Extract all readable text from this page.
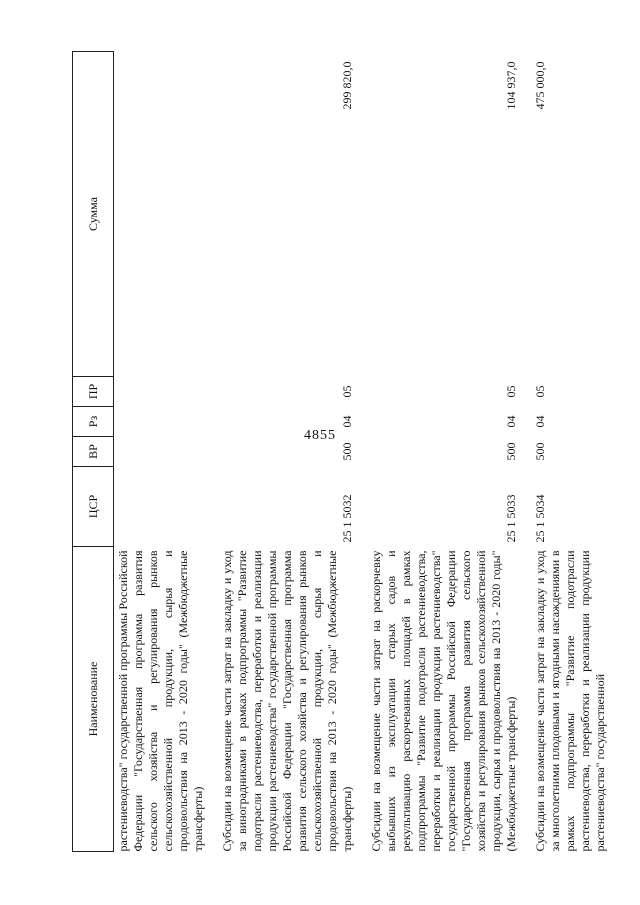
4855
Наименование	ЦСР	ВР	Рз	ПР	Сумма
растениеводства" государственной программы Российской Федерации "Государственная программа развития сельского хозяйства и регулирования рынков сельскохозяйственной продукции, сырья и продовольствия на 2013 - 2020 годы" (Межбюджетные трансферты)					
Субсидии на возмещение части затрат на закладку и уход за виноградниками в рамках подпрограммы "Развитие подотрасли растениеводства, переработки и реализации продукции растениеводства" государственной программы Российской Федерации "Государственная программа развития сельского хозяйства и регулирования рынков сельскохозяйственной продукции, сырья и продовольствия на 2013 - 2020 годы" (Межбюджетные трансферты)	25 1 5032	500	04	05	299 820,0
Субсидии на возмещение части затрат на раскорчевку выбывших из эксплуатации старых садов и рекультивацию раскорчеванных площадей в рамках подпрограммы "Развитие подотрасли растениеводства, переработки и реализации продукции растениеводства" государственной программы Российской Федерации "Государственная программа развития сельского хозяйства и регулирования рынков сельскохозяйственной продукции, сырья и продовольствия на 2013 - 2020 годы" (Межбюджетные трансферты)	25 1 5033	500	04	05	104 937,0
Субсидии на возмещение части затрат на закладку и уход за многолетними плодовыми и ягодными насаждениями в рамках подпрограммы "Развитие подотрасли растениеводства, переработки и реализации продукции растениеводства" государственной	25 1 5034	500	04	05	475 000,0
